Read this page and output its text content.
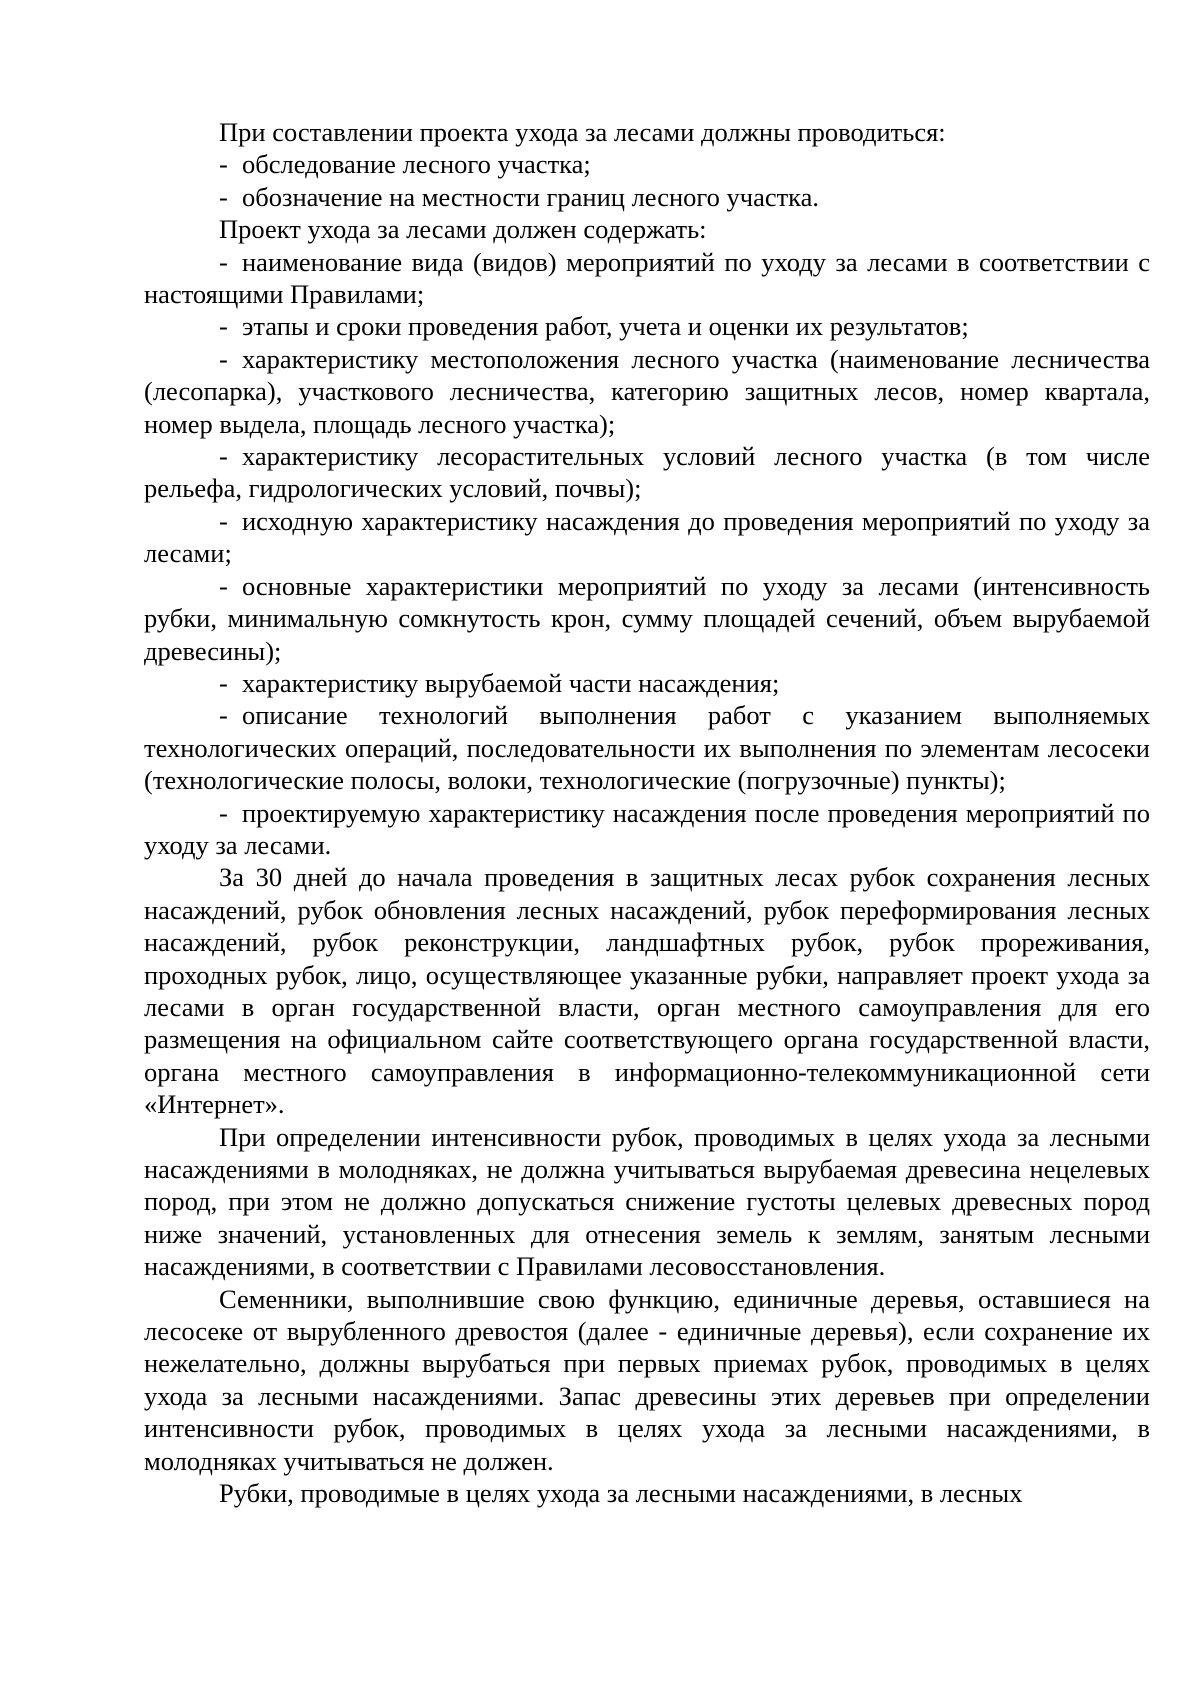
При составлении проекта ухода за лесами должны проводиться:

- обследование лесного участка;

- обозначение на местности границ лесного участка.

Проект ухода за лесами должен содержать:

- наименование вида (видов) мероприятий по уходу за лесами в соответствии с настоящими Правилами;

- этапы и сроки проведения работ, учета и оценки их результатов;

- характеристику местоположения лесного участка (наименование лесничества (лесопарка), участкового лесничества, категорию защитных лесов, номер квартала, номер выдела, площадь лесного участка);

- характеристику лесорастительных условий лесного участка (в том числе рельефа, гидрологических условий, почвы);

- исходную характеристику насаждения до проведения мероприятий по уходу за лесами;

- основные характеристики мероприятий по уходу за лесами (интенсивность рубки, минимальную сомкнутость крон, сумму площадей сечений, объем вырубаемой древесины);

- характеристику вырубаемой части насаждения;

- описание технологий выполнения работ с указанием выполняемых технологических операций, последовательности их выполнения по элементам лесосеки (технологические полосы, волоки, технологические (погрузочные) пункты);

- проектируемую характеристику насаждения после проведения мероприятий по уходу за лесами.

За 30 дней до начала проведения в защитных лесах рубок сохранения лесных насаждений, рубок обновления лесных насаждений, рубок переформирования лесных насаждений, рубок реконструкции, ландшафтных рубок, рубок прореживания, проходных рубок, лицо, осуществляющее указанные рубки, направляет проект ухода за лесами в орган государственной власти, орган местного самоуправления для его размещения на официальном сайте соответствующего органа государственной власти, органа местного самоуправления в информационно-телекоммуникационной сети «Интернет».

При определении интенсивности рубок, проводимых в целях ухода за лесными насаждениями в молодняках, не должна учитываться вырубаемая древесина нецелевых пород, при этом не должно допускаться снижение густоты целевых древесных пород ниже значений, установленных для отнесения земель к землям, занятым лесными насаждениями, в соответствии с Правилами лесовосстановления.

Семенники, выполнившие свою функцию, единичные деревья, оставшиеся на лесосеке от вырубленного древостоя (далее - единичные деревья), если сохранение их нежелательно, должны вырубаться при первых приемах рубок, проводимых в целях ухода за лесными насаждениями. Запас древесины этих деревьев при определении интенсивности рубок, проводимых в целях ухода за лесными насаждениями, в молодняках учитываться не должен.

Рубки, проводимые в целях ухода за лесными насаждениями, в лесных
